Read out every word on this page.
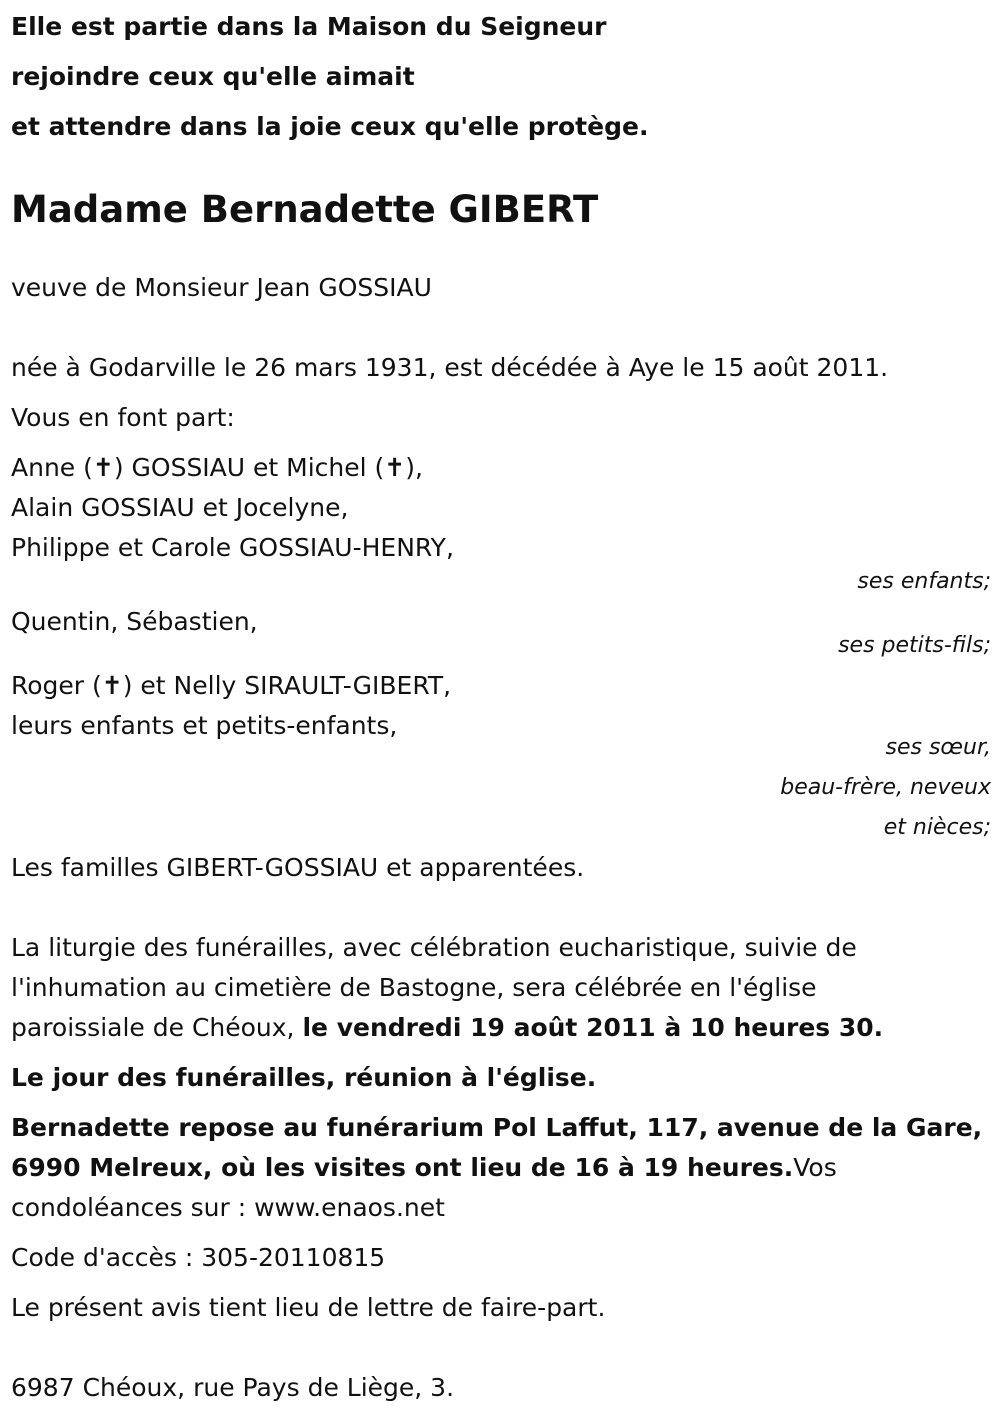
Elle est partie dans la Maison du Seigneur
rejoindre ceux qu'elle aimait
et attendre dans la joie ceux qu'elle protège.
Madame Bernadette GIBERT
veuve de Monsieur Jean GOSSIAU
née à Godarville le 26 mars 1931, est décédée à Aye le 15 août 2011.
Vous en font part:
Anne (✝) GOSSIAU et Michel (✝),
Alain GOSSIAU et Jocelyne,
Philippe et Carole GOSSIAU-HENRY,
ses enfants;
Quentin, Sébastien,
ses petits-fils;
Roger (✝) et Nelly SIRAULT-GIBERT,
leurs enfants et petits-enfants,
ses sœur,
beau-frère, neveux
et nièces;
Les familles GIBERT-GOSSIAU et apparentées.
La liturgie des funérailles, avec célébration eucharistique, suivie de
l'inhumation au cimetière de Bastogne, sera célébrée en l'église
paroissiale de Chéoux, le vendredi 19 août 2011 à 10 heures 30.
Le jour des funérailles, réunion à l'église.
Bernadette repose au funérarium Pol Laffut, 117, avenue de la Gare,
6990 Melreux, où les visites ont lieu de 16 à 19 heures.Vos
condoléances sur : www.enaos.net
Code d'accès : 305-20110815
Le présent avis tient lieu de lettre de faire-part.
6987 Chéoux, rue Pays de Liège, 3.
